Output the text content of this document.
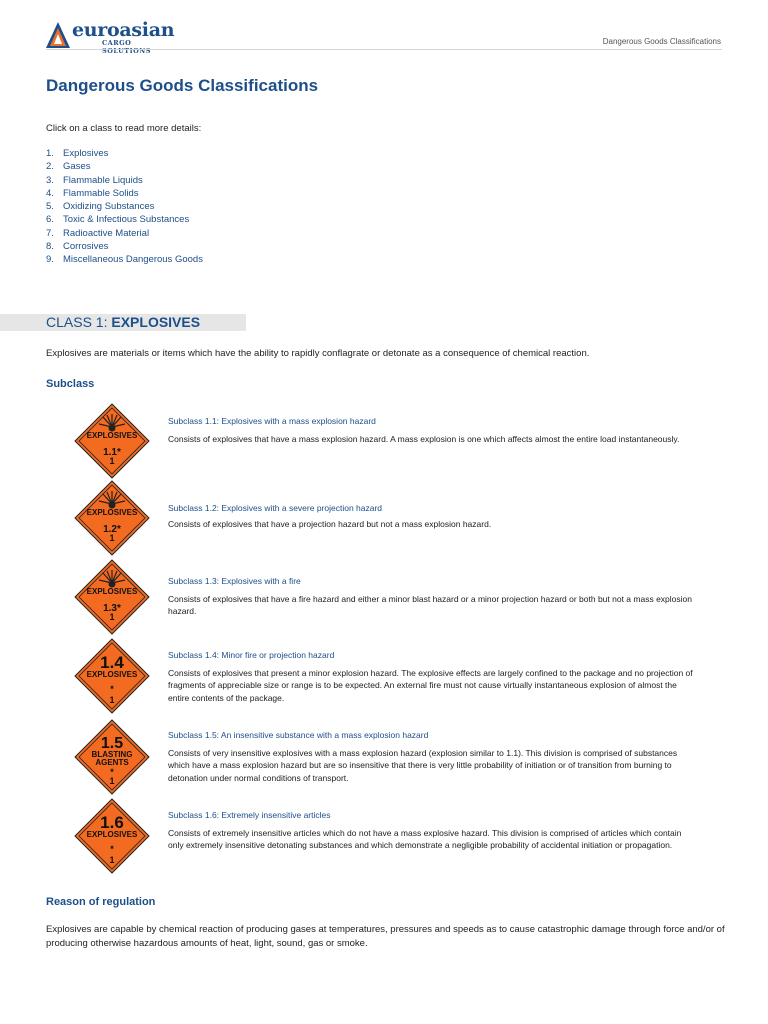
euroasian
CARGO SOLUTIONS
Dangerous Goods Classifications
Dangerous Goods Classifications
Click on a class to read more details:
1. Explosives
2. Gases
3. Flammable Liquids
4. Flammable Solids
5. Oxidizing Substances
6. Toxic & Infectious Substances
7. Radioactive Material
8. Corrosives
9. Miscellaneous Dangerous Goods
CLASS 1: EXPLOSIVES
Explosives are materials or items which have the ability to rapidly conflagrate or detonate as a consequence of chemical reaction.
Subclass
EXPLOSIVES
1.1*
1
Subclass 1.1: Explosives with a mass explosion hazard
Consists of explosives that have a mass explosion hazard. A mass explosion is one which affects almost the entire load instantaneously.
EXPLOSIVES
1.2*
1
Subclass 1.2: Explosives with a severe projection hazard
Consists of explosives that have a projection hazard but not a mass explosion hazard.
EXPLOSIVES
1.3*
1
Subclass 1.3: Explosives with a fire
Consists of explosives that have a fire hazard and either a minor blast hazard or a minor projection hazard or both but not a mass explosion hazard.
1.4
EXPLOSIVES
*
1
Subclass 1.4: Minor fire or projection hazard
Consists of explosives that present a minor explosion hazard. The explosive effects are largely confined to the package and no projection of fragments of appreciable size or range is to be expected. An external fire must not cause virtually instantaneous explosion of almost the entire contents of the package.
1.5
BLASTING
AGENTS
*
1
Subclass 1.5: An insensitive substance with a mass explosion hazard
Consists of very insensitive explosives with a mass explosion hazard (explosion similar to 1.1). This division is comprised of substances which have a mass explosion hazard but are so insensitive that there is very little probability of initiation or of transition from burning to detonation under normal conditions of transport.
1.6
EXPLOSIVES
*
1
Subclass 1.6: Extremely insensitive articles
Consists of extremely insensitive articles which do not have a mass explosive hazard. This division is comprised of articles which contain only extremely insensitive detonating substances and which demonstrate a negligible probability of accidental initiation or propagation.
Reason of regulation
Explosives are capable by chemical reaction of producing gases at temperatures, pressures and speeds as to cause catastrophic damage through force and/or of producing otherwise hazardous amounts of heat, light, sound, gas or smoke.
